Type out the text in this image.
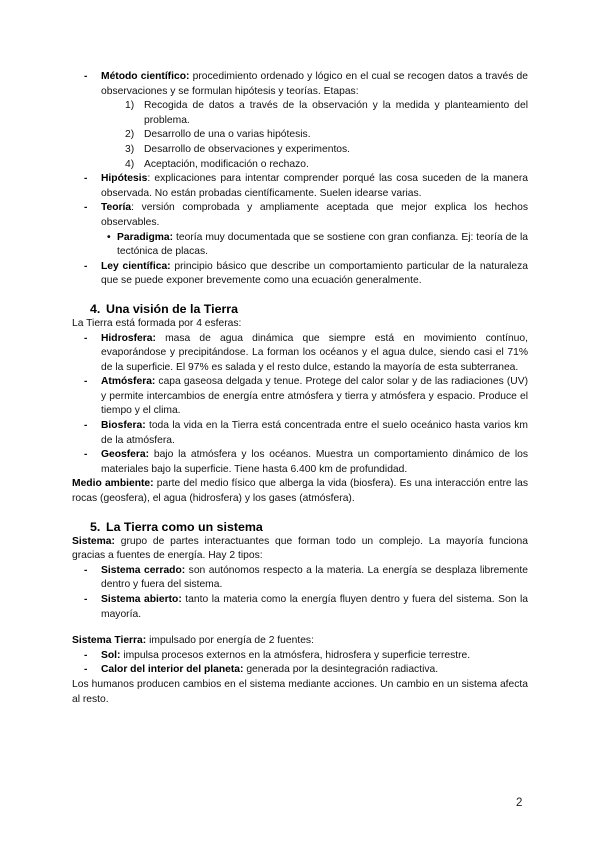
- Método científico: procedimiento ordenado y lógico en el cual se recogen datos a través de observaciones y se formulan hipótesis y teorías. Etapas:

1) Recogida de datos a través de la observación y la medida y planteamiento del problema.

2) Desarrollo de una o varias hipótesis.

3) Desarrollo de observaciones y experimentos.

4) Aceptación, modificación o rechazo.

- Hipótesis: explicaciones para intentar comprender porqué las cosa suceden de la manera observada. No están probadas científicamente. Suelen idearse varias.

- Teoría: versión comprobada y ampliamente aceptada que mejor explica los hechos observables.

• Paradigma: teoría muy documentada que se sostiene con gran confianza. Ej: teoría de la tectónica de placas.

- Ley científica: principio básico que describe un comportamiento particular de la naturaleza que se puede exponer brevemente como una ecuación generalmente.

4. Una visión de la Tierra

La Tierra está formada por 4 esferas:

- Hidrosfera: masa de agua dinámica que siempre está en movimiento contínuo, evaporándose y precipitándose. La forman los océanos y el agua dulce, siendo casi el 71% de la superficie. El 97% es salada y el resto dulce, estando la mayoría de esta subterranea.

- Atmósfera: capa gaseosa delgada y tenue. Protege del calor solar y de las radiaciones (UV) y permite intercambios de energía entre atmósfera y tierra y atmósfera y espacio. Produce el tiempo y el clima.

- Biosfera: toda la vida en la Tierra está concentrada entre el suelo oceánico hasta varios km de la atmósfera.

- Geosfera: bajo la atmósfera y los océanos. Muestra un comportamiento dinámico de los materiales bajo la superficie. Tiene hasta 6.400 km de profundidad.

Medio ambiente: parte del medio físico que alberga la vida (biosfera). Es una interacción entre las rocas (geosfera), el agua (hidrosfera) y los gases (atmósfera).

5. La Tierra como un sistema

Sistema: grupo de partes interactuantes que forman todo un complejo. La mayoría funciona gracias a fuentes de energía. Hay 2 tipos:

- Sistema cerrado: son autónomos respecto a la materia. La energía se desplaza libremente dentro y fuera del sistema.

- Sistema abierto: tanto la materia como la energía fluyen dentro y fuera del sistema. Son la mayoría.

Sistema Tierra: impulsado por energía de 2 fuentes:

- Sol: impulsa procesos externos en la atmósfera, hidrosfera y superficie terrestre.

- Calor del interior del planeta: generada por la desintegración radiactiva.

Los humanos producen cambios en el sistema mediante acciones. Un cambio en un sistema afecta al resto.

2
